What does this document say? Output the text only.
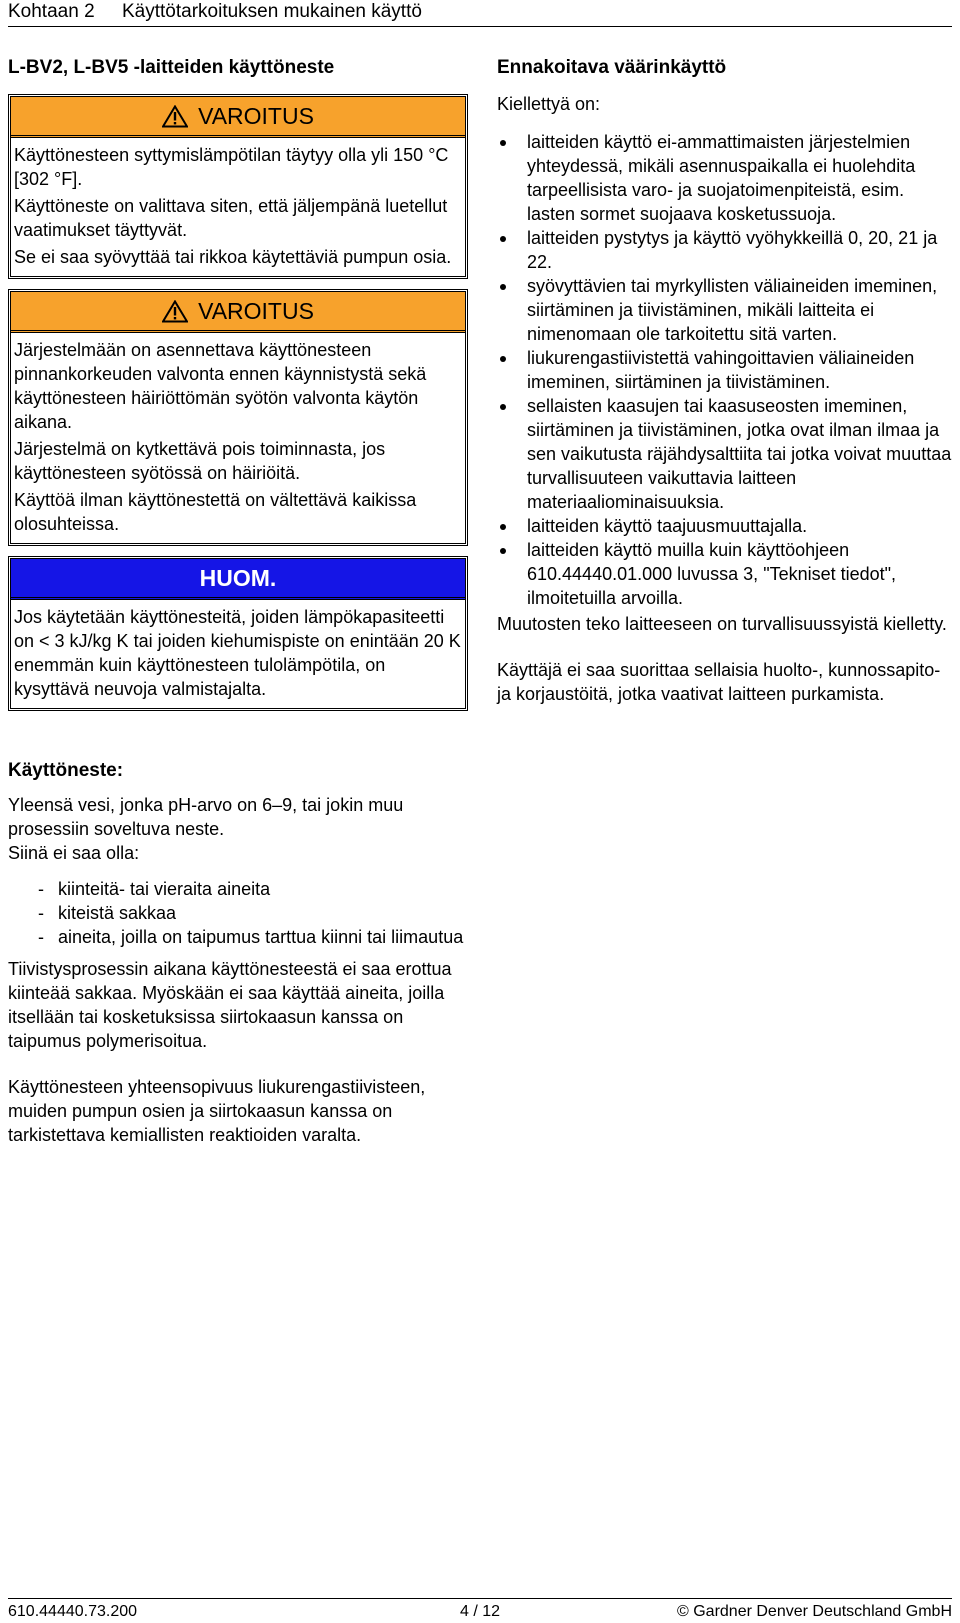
Kohtaan 2 Käyttötarkoituksen mukainen käyttö
L-BV2, L-BV5 -laitteiden käyttöneste
VAROITUS

Käyttönesteen syttymislämpötilan täytyy olla yli 150 °C [302 °F].

Käyttöneste on valittava siten, että jäljempänä luetellut vaatimukset täyttyvät.

Se ei saa syövyttää tai rikkoa käytettäviä pumpun osia.

VAROITUS

Järjestelmään on asennettava käyttönesteen pinnankorkeuden valvonta ennen käynnistystä sekä käyttönesteen häiriöttömän syötön valvonta käytön aikana.

Järjestelmä on kytkettävä pois toiminnasta, jos käyttönesteen syötössä on häiriöitä.

Käyttöä ilman käyttönestettä on vältettävä kaikissa olosuhteissa.

HUOM.

Jos käytetään käyttönesteitä, joiden lämpökapasiteetti on < 3 kJ/kg K tai joiden kiehumispiste on enintään 20 K enemmän kuin käyttönesteen tulolämpötila, on kysyttävä neuvoja valmistajalta.

Käyttöneste:

Yleensä vesi, jonka pH-arvo on 6–9, tai jokin muu prosessiin soveltuva neste.

Siinä ei saa olla:

- kiinteitä- tai vieraita aineita
- kiteistä sakkaa
- aineita, joilla on taipumus tarttua kiinni tai liimautua

Tiivistysprosessin aikana käyttönesteestä ei saa erottua kiinteää sakkaa. Myöskään ei saa käyttää aineita, joilla itsellään tai kosketuksissa siirtokaasun kanssa on taipumus polymerisoitua.

Käyttönesteen yhteensopivuus liukurengastiivisteen, muiden pumpun osien ja siirtokaasun kanssa on tarkistettava kemiallisten reaktioiden varalta.

Ennakoitava väärinkäyttö

Kiellettyä on:

laitteiden käyttö ei-ammattimaisten järjestelmien yhteydessä, mikäli asennuspaikalla ei huolehdita tarpeellisista varo- ja suojatoimenpiteistä, esim. lasten sormet suojaava kosketussuoja.
laitteiden pystytys ja käyttö vyöhykkeillä 0, 20, 21 ja 22.
syövyttävien tai myrkyllisten väliaineiden imeminen, siirtäminen ja tiivistäminen, mikäli laitteita ei nimenomaan ole tarkoitettu sitä varten.
liukurengastiivistettä vahingoittavien väliaineiden imeminen, siirtäminen ja tiivistäminen.
sellaisten kaasujen tai kaasuseosten imeminen, siirtäminen ja tiivistäminen, jotka ovat ilman ilmaa ja sen vaikutusta räjähdysalttiita tai jotka voivat muuttaa turvallisuuteen vaikuttavia laitteen materiaaliominaisuuksia.
laitteiden käyttö taajuusmuuttajalla.
laitteiden käyttö muilla kuin käyttöohjeen 610.44440.01.000 luvussa 3, "Tekniset tiedot", ilmoitetuilla arvoilla.

Muutosten teko laitteeseen on turvallisuussyistä kielletty.

Käyttäjä ei saa suorittaa sellaisia huolto-, kunnossapito- ja korjaustöitä, jotka vaativat laitteen purkamista.

610.44440.73.200	4 / 12	© Gardner Denver Deutschland GmbH
